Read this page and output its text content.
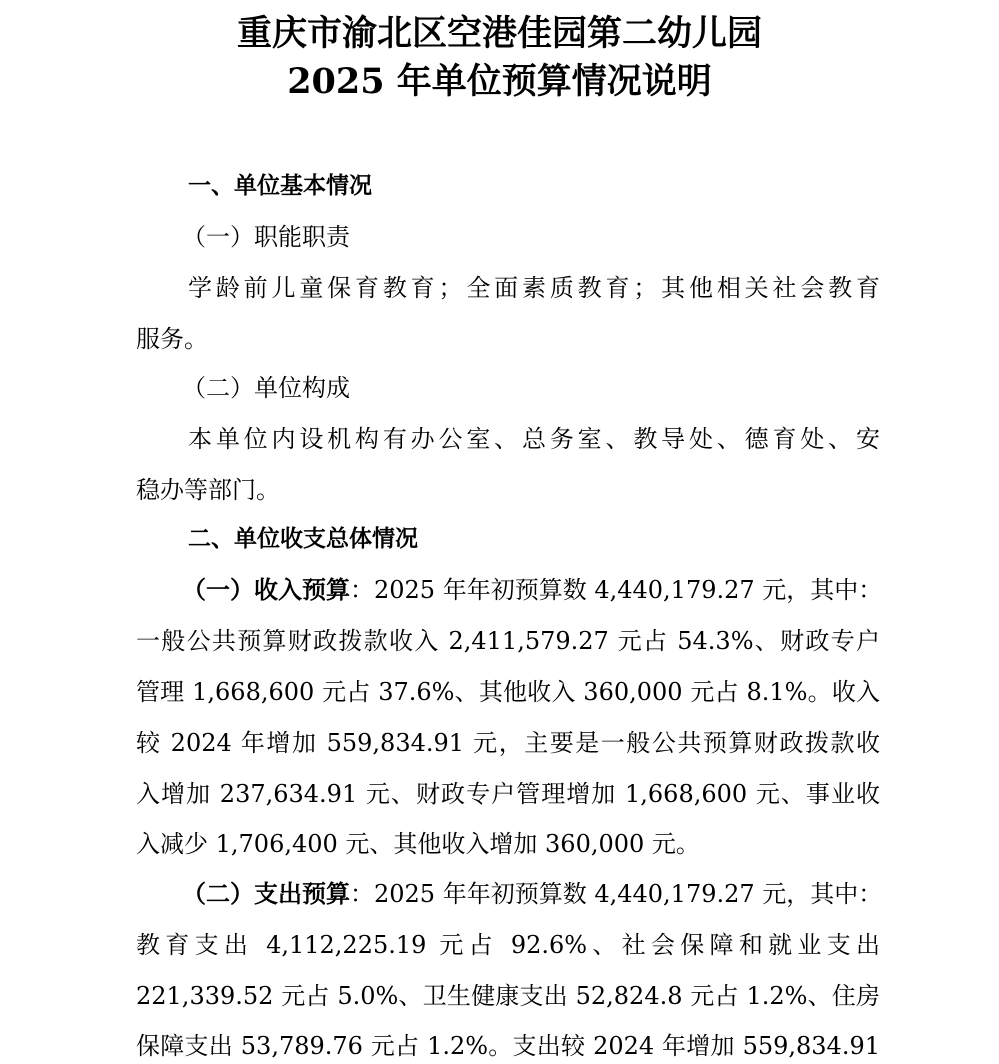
重庆市渝北区空港佳园第二幼儿园
2025 年单位预算情况说明
一、单位基本情况
（一）职能职责
学龄前儿童保育教育；全面素质教育；其他相关社会教育
服务。
（二）单位构成
本单位内设机构有办公室、总务室、教导处、德育处、安
稳办等部门。
二、单位收支总体情况
（一）收入预算：2025 年年初预算数 4,440,179.27 元，其中：
一般公共预算财政拨款收入 2,411,579.27 元占 54.3%、财政专户
管理 1,668,600 元占 37.6%、其他收入 360,000 元占 8.1%。收入
较 2024 年增加 559,834.91 元，主要是一般公共预算财政拨款收
入增加 237,634.91 元、财政专户管理增加 1,668,600 元、事业收
入减少 1,706,400 元、其他收入增加 360,000 元。
（二）支出预算：2025 年年初预算数 4,440,179.27 元，其中：
教育支出 4,112,225.19 元占 92.6%、社会保障和就业支出
221,339.52 元占 5.0%、卫生健康支出 52,824.8 元占 1.2%、住房
保障支出 53,789.76 元占 1.2%。支出较 2024 年增加 559,834.91
